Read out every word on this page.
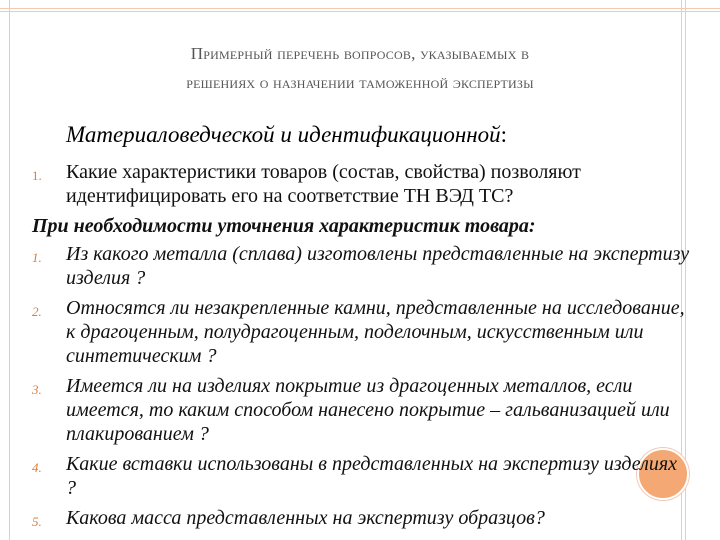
Примерный перечень вопросов, указываемых в
решениях о назначении таможенной экспертизы
Материаловедческой и идентификационной:
1. Какие характеристики товаров (состав, свойства) позволяют идентифицировать его на соответствие ТН ВЭД ТС?
При необходимости уточнения характеристик товара:
1. Из какого металла (сплава) изготовлены представленные на экспертизу изделия ?
2. Относятся ли незакрепленные камни, представленные на исследование, к драгоценным, полудрагоценным, поделочным, искусственным или синтетическим ?
3. Имеется ли на изделиях покрытие из драгоценных металлов, если имеется, то каким способом нанесено покрытие – гальванизацией или плакированием ?
4. Какие вставки использованы в представленных на экспертизу изделиях ?
5. Какова масса представленных на экспертизу образцов?
